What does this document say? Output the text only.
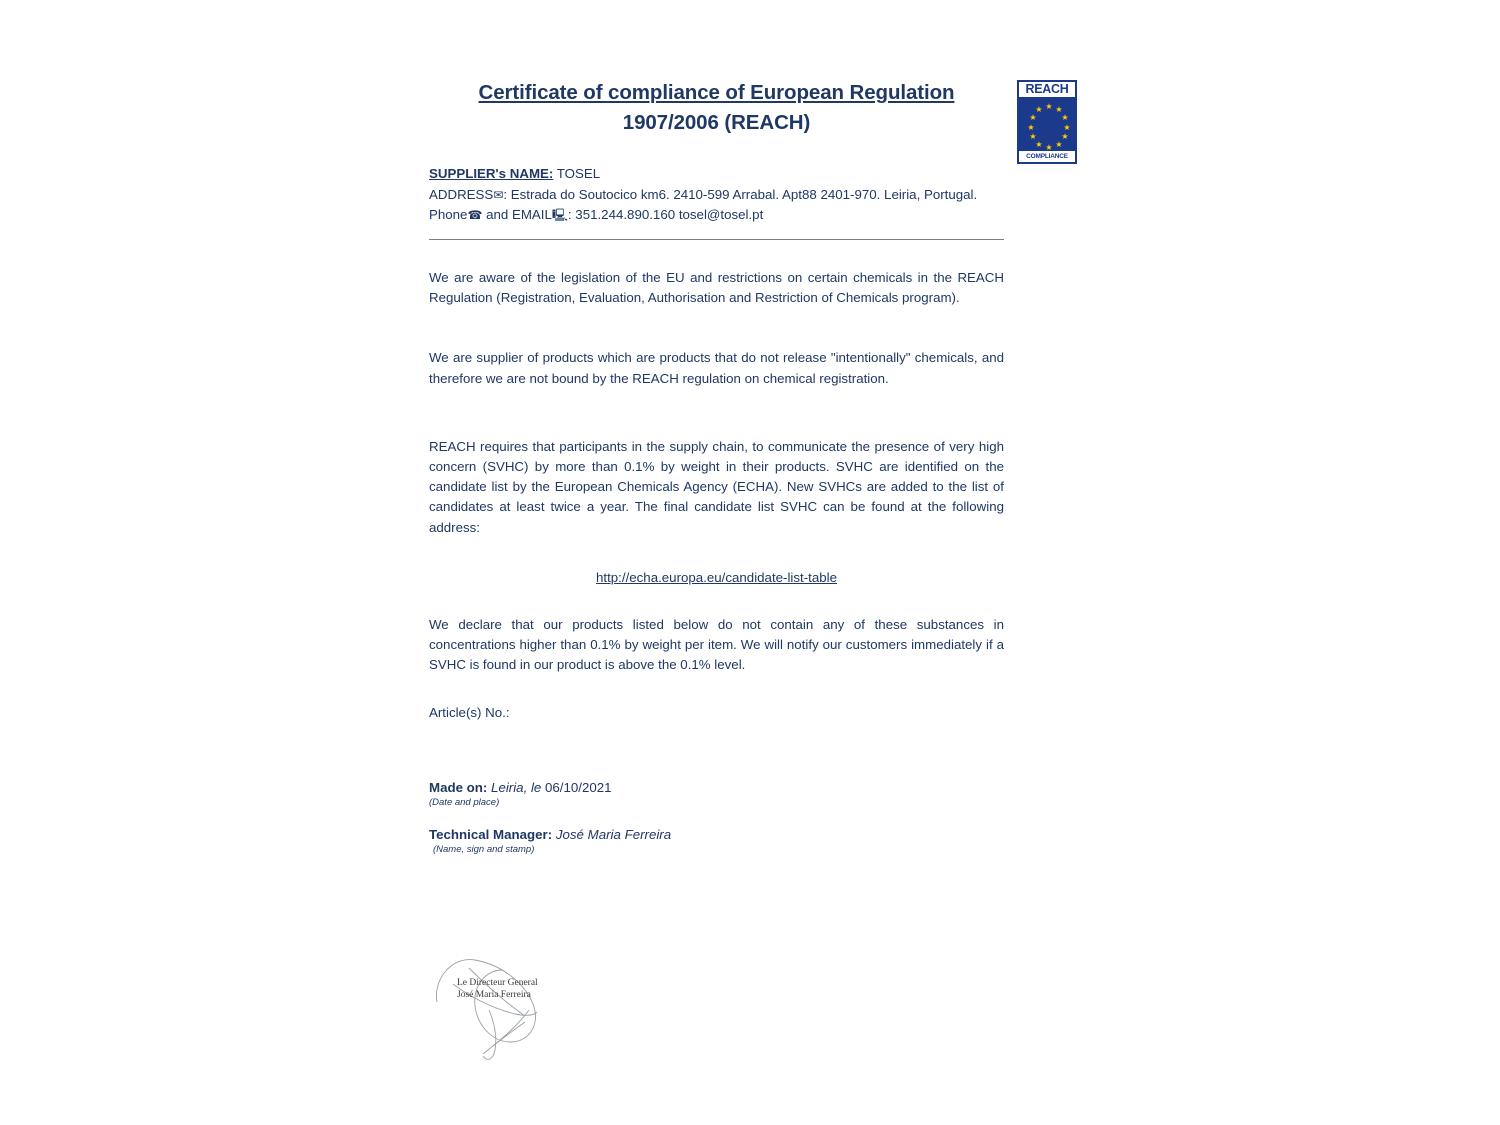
REACH
★ ★
★
★
★
★
★
★
★
★
★
★
COMPLIANCE
Certificate of compliance of European Regulation
1907/2006 (REACH)
SUPPLIER's NAME: TOSEL
ADDRESS✉: Estrada do Soutocico km6. 2410-599 Arrabal. Apt88 2401-970. Leiria, Portugal.
Phone☎ and EMAIL🖳: 351.244.890.160 tosel@tosel.pt

We are aware of the legislation of the EU and restrictions on certain chemicals in the REACH Regulation (Registration, Evaluation, Authorisation and Restriction of Chemicals program).

We are supplier of products which are products that do not release "intentionally" chemicals, and therefore we are not bound by the REACH regulation on chemical registration.

REACH requires that participants in the supply chain, to communicate the presence of very high concern (SVHC) by more than 0.1% by weight in their products. SVHC are identified on the candidate list by the European Chemicals Agency (ECHA). New SVHCs are added to the list of candidates at least twice a year. The final candidate list SVHC can be found at the following address:

http://echa.europa.eu/candidate-list-table

We declare that our products listed below do not contain any of these substances in concentrations higher than 0.1% by weight per item. We will notify our customers immediately if a SVHC is found in our product is above the 0.1% level.

Article(s) No.:
Made on: Leiria, le 06/10/2021
(Date and place)
Technical Manager: José Maria Ferreira
(Name, sign and stamp)
Le Directeur General
José Maria Ferreira
